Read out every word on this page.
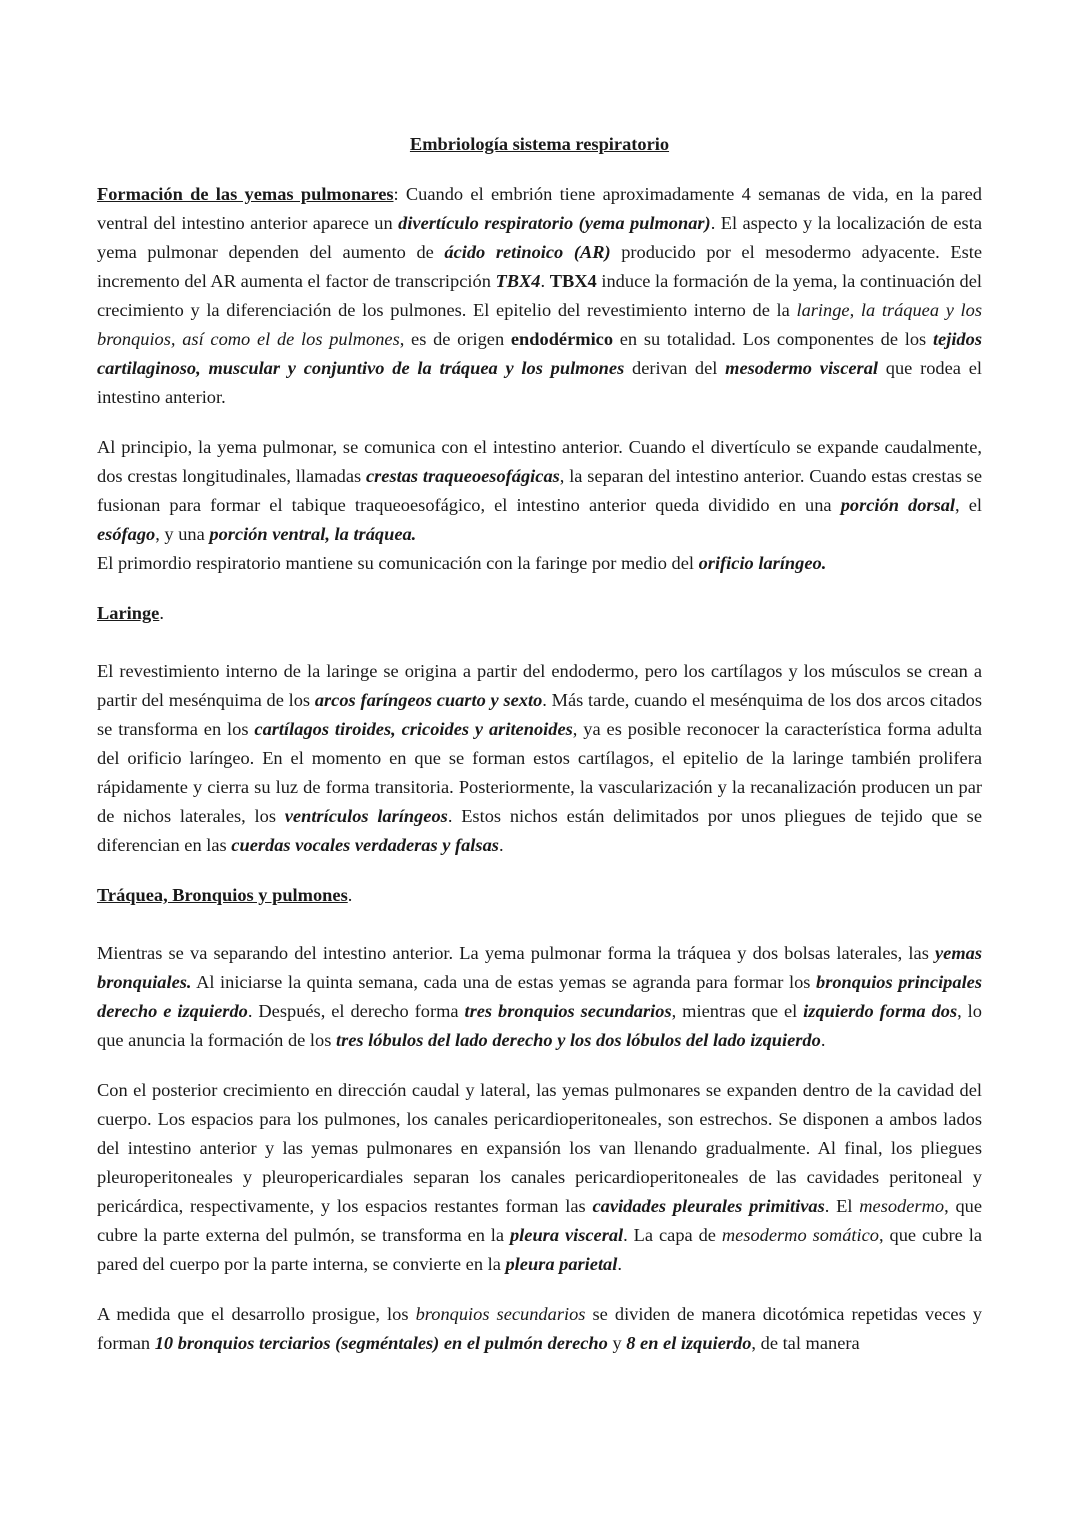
Embriología sistema respiratorio

Formación de las yemas pulmonares: Cuando el embrión tiene aproximadamente 4 semanas de vida, en la pared ventral del intestino anterior aparece un divertículo respiratorio (yema pulmonar). El aspecto y la localización de esta yema pulmonar dependen del aumento de ácido retinoico (AR) producido por el mesodermo adyacente. Este incremento del AR aumenta el factor de transcripción TBX4. TBX4 induce la formación de la yema, la continuación del crecimiento y la diferenciación de los pulmones. El epitelio del revestimiento interno de la laringe, la tráquea y los bronquios, así como el de los pulmones, es de origen endodérmico en su totalidad. Los componentes de los tejidos cartilaginoso, muscular y conjuntivo de la tráquea y los pulmones derivan del mesodermo visceral que rodea el intestino anterior.

Al principio, la yema pulmonar, se comunica con el intestino anterior. Cuando el divertículo se expande caudalmente, dos crestas longitudinales, llamadas crestas traqueoesofágicas, la separan del intestino anterior. Cuando estas crestas se fusionan para formar el tabique traqueoesofágico, el intestino anterior queda dividido en una porción dorsal, el esófago, y una porción ventral, la tráquea.

El primordio respiratorio mantiene su comunicación con la faringe por medio del orificio laríngeo.

Laringe.

El revestimiento interno de la laringe se origina a partir del endodermo, pero los cartílagos y los músculos se crean a partir del mesénquima de los arcos faríngeos cuarto y sexto. Más tarde, cuando el mesénquima de los dos arcos citados se transforma en los cartílagos tiroides, cricoides y aritenoides, ya es posible reconocer la característica forma adulta del orificio laríngeo. En el momento en que se forman estos cartílagos, el epitelio de la laringe también prolifera rápidamente y cierra su luz de forma transitoria. Posteriormente, la vascularización y la recanalización producen un par de nichos laterales, los ventrículos laríngeos. Estos nichos están delimitados por unos pliegues de tejido que se diferencian en las cuerdas vocales verdaderas y falsas.

Tráquea, Bronquios y pulmones.

Mientras se va separando del intestino anterior. La yema pulmonar forma la tráquea y dos bolsas laterales, las yemas bronquiales. Al iniciarse la quinta semana, cada una de estas yemas se agranda para formar los bronquios principales derecho e izquierdo. Después, el derecho forma tres bronquios secundarios, mientras que el izquierdo forma dos, lo que anuncia la formación de los tres lóbulos del lado derecho y los dos lóbulos del lado izquierdo.

Con el posterior crecimiento en dirección caudal y lateral, las yemas pulmonares se expanden dentro de la cavidad del cuerpo. Los espacios para los pulmones, los canales pericardioperitoneales, son estrechos. Se disponen a ambos lados del intestino anterior y las yemas pulmonares en expansión los van llenando gradualmente. Al final, los pliegues pleuroperitoneales y pleuropericardiales separan los canales pericardioperitoneales de las cavidades peritoneal y pericárdica, respectivamente, y los espacios restantes forman las cavidades pleurales primitivas. El mesodermo, que cubre la parte externa del pulmón, se transforma en la pleura visceral. La capa de mesodermo somático, que cubre la pared del cuerpo por la parte interna, se convierte en la pleura parietal.

A medida que el desarrollo prosigue, los bronquios secundarios se dividen de manera dicotómica repetidas veces y forman 10 bronquios terciarios (segméntales) en el pulmón derecho y 8 en el izquierdo, de tal manera
